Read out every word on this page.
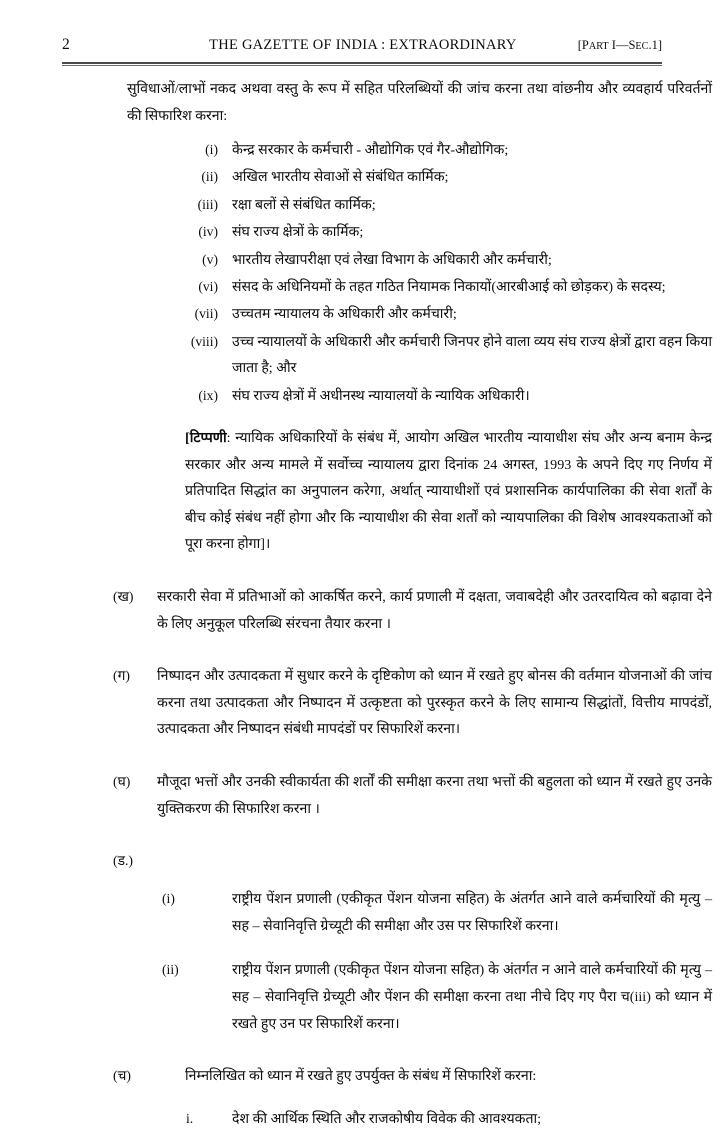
2	THE GAZETTE OF INDIA : EXTRAORDINARY	[PART I—SEC.1]

सुविधाओं/लाभों नकद अथवा वस्तु के रूप में सहित परिलब्धियों की जांच करना तथा वांछनीय और व्यवहार्य परिवर्तनों की सिफारिश करना:

(i) केन्द्र सरकार के कर्मचारी - औद्योगिक एवं गैर-औद्योगिक;
(ii) अखिल भारतीय सेवाओं से संबंधित कार्मिक;
(iii) रक्षा बलों से संबंधित कार्मिक;
(iv) संघ राज्य क्षेत्रों के कार्मिक;
(v) भारतीय लेखापरीक्षा एवं लेखा विभाग के अधिकारी और कर्मचारी;
(vi) संसद के अधिनियमों के तहत गठित नियामक निकायों(आरबीआई को छोड़कर) के सदस्य;
(vii) उच्चतम न्यायालय के अधिकारी और कर्मचारी;
(viii) उच्च न्यायालयों के अधिकारी और कर्मचारी जिनपर होने वाला व्यय संघ राज्य क्षेत्रों द्वारा वहन किया जाता है; और
(ix) संघ राज्य क्षेत्रों में अधीनस्थ न्यायालयों के न्यायिक अधिकारी।

[टिप्पणी: न्यायिक अधिकारियों के संबंध में, आयोग अखिल भारतीय न्यायाधीश संघ और अन्य बनाम केन्द्र सरकार और अन्य मामले में सर्वोच्च न्यायालय द्वारा दिनांक 24 अगस्त, 1993 के अपने दिए गए निर्णय में प्रतिपादित सिद्धांत का अनुपालन करेगा, अर्थात् न्यायाधीशों एवं प्रशासनिक कार्यपालिका की सेवा शर्तों के बीच कोई संबंध नहीं होगा और कि न्यायाधीश की सेवा शर्तों को न्यायपालिका की विशेष आवश्यकताओं को पूरा करना होगा]।

(ख)	सरकारी सेवा में प्रतिभाओं को आकर्षित करने, कार्य प्रणाली में दक्षता, जवाबदेही और उतरदायित्व को बढ़ावा देने के लिए अनुकूल परिलब्धि संरचना तैयार करना ।
(ग)	निष्पादन और उत्पादकता में सुधार करने के दृष्टिकोण को ध्यान में रखते हुए बोनस की वर्तमान योजनाओं की जांच करना तथा उत्पादकता और निष्पादन में उत्कृष्टता को पुरस्कृत करने के लिए सामान्य सिद्धांतों, वित्तीय मापदंडों, उत्पादकता और निष्पादन संबंधी मापदंडों पर सिफारिशें करना।
(घ)	मौजूदा भत्तों और उनकी स्वीकार्यता की शर्तों की समीक्षा करना तथा भत्तों की बहुलता को ध्यान में रखते हुए उनके युक्तिकरण की सिफारिश करना ।
(ड.)
(i)	राष्ट्रीय पेंशन प्रणाली (एकीकृत पेंशन योजना सहित) के अंतर्गत आने वाले कर्मचारियों की मृत्यु – सह – सेवानिवृत्ति ग्रेच्यूटी की समीक्षा और उस पर सिफारिशें करना।
(ii)	राष्ट्रीय पेंशन प्रणाली (एकीकृत पेंशन योजना सहित) के अंतर्गत न आने वाले कर्मचारियों की मृत्यु – सह – सेवानिवृत्ति ग्रेच्यूटी और पेंशन की समीक्षा करना तथा नीचे दिए गए पैरा च(iii) को ध्यान में रखते हुए उन पर सिफारिशें करना।
(च)	निम्नलिखित को ध्यान में रखते हुए उपर्युक्त के संबंध में सिफारिशें करना:
i.	देश की आर्थिक स्थिति और राजकोषीय विवेक की आवश्यकता;
